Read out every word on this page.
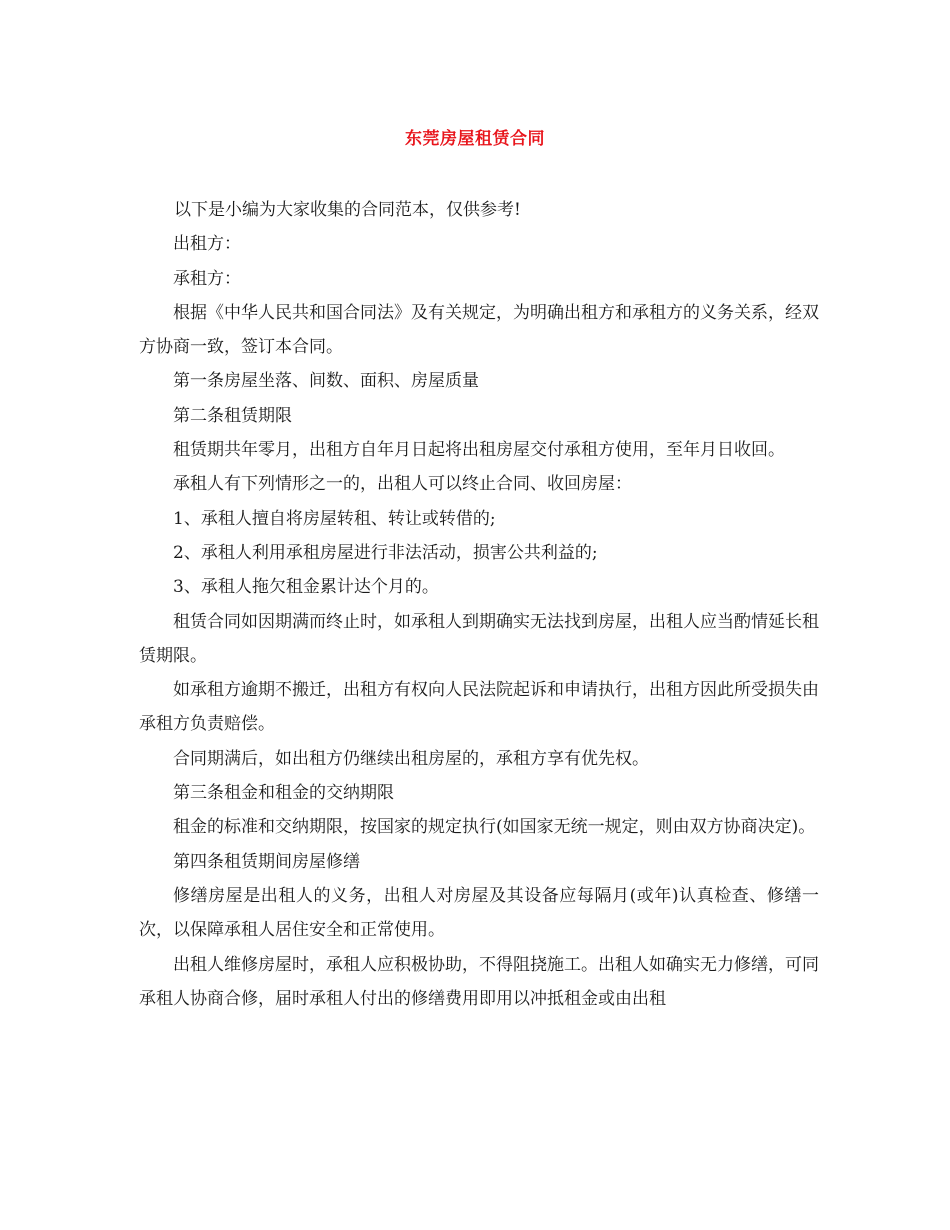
东莞房屋租赁合同

以下是小编为大家收集的合同范本，仅供参考!

出租方：

承租方：

根据《中华人民共和国合同法》及有关规定，为明确出租方和承租方的义务关系，经双方协商一致，签订本合同。

第一条房屋坐落、间数、面积、房屋质量

第二条租赁期限

租赁期共年零月，出租方自年月日起将出租房屋交付承租方使用，至年月日收回。

承租人有下列情形之一的，出租人可以终止合同、收回房屋：

1、承租人擅自将房屋转租、转让或转借的;

2、承租人利用承租房屋进行非法活动，损害公共利益的;

3、承租人拖欠租金累计达个月的。

租赁合同如因期满而终止时，如承租人到期确实无法找到房屋，出租人应当酌情延长租赁期限。

如承租方逾期不搬迁，出租方有权向人民法院起诉和申请执行，出租方因此所受损失由承租方负责赔偿。

合同期满后，如出租方仍继续出租房屋的，承租方享有优先权。

第三条租金和租金的交纳期限

租金的标准和交纳期限，按国家的规定执行(如国家无统一规定，则由双方协商决定)。

第四条租赁期间房屋修缮

修缮房屋是出租人的义务，出租人对房屋及其设备应每隔月(或年)认真检查、修缮一次，以保障承租人居住安全和正常使用。

出租人维修房屋时，承租人应积极协助，不得阻挠施工。出租人如确实无力修缮，可同承租人协商合修，届时承租人付出的修缮费用即用以冲抵租金或由出租
